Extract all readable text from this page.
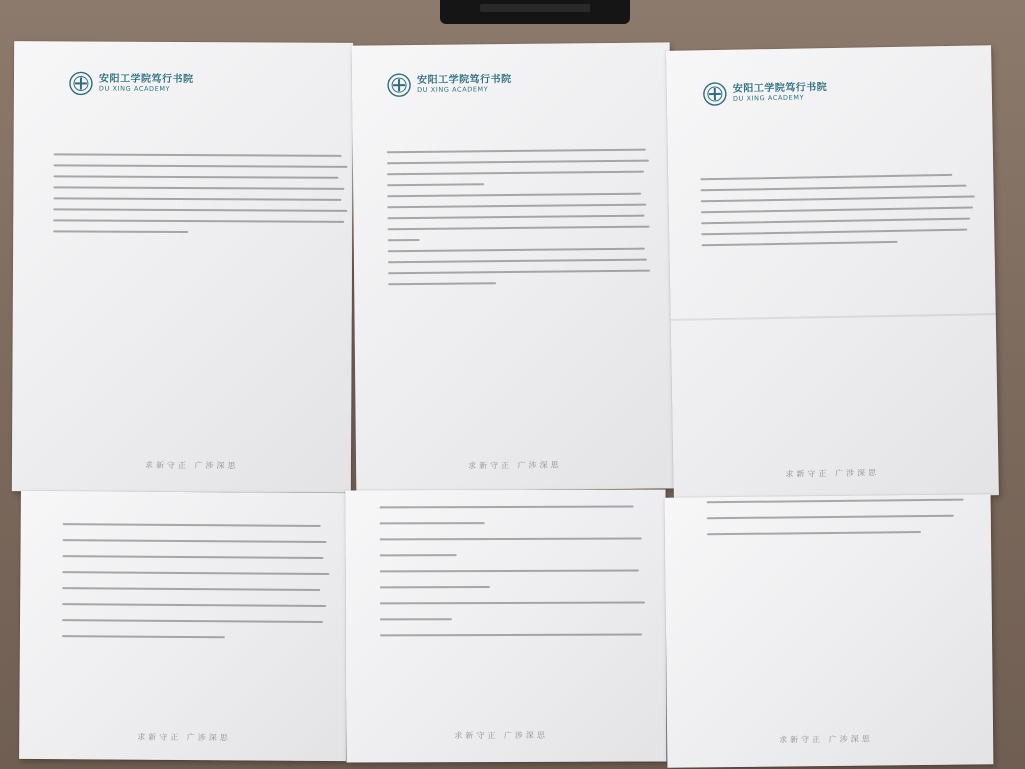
安阳工学院笃行书院
DU XING ACADEMY
求新守正 广涉深思
安阳工学院笃行书院
DU XING ACADEMY
求新守正 广涉深思
安阳工学院笃行书院
DU XING ACADEMY
求新守正 广涉深思
求新守正 广涉深思	求新守正 广涉深思	求新守正 广涉深思
